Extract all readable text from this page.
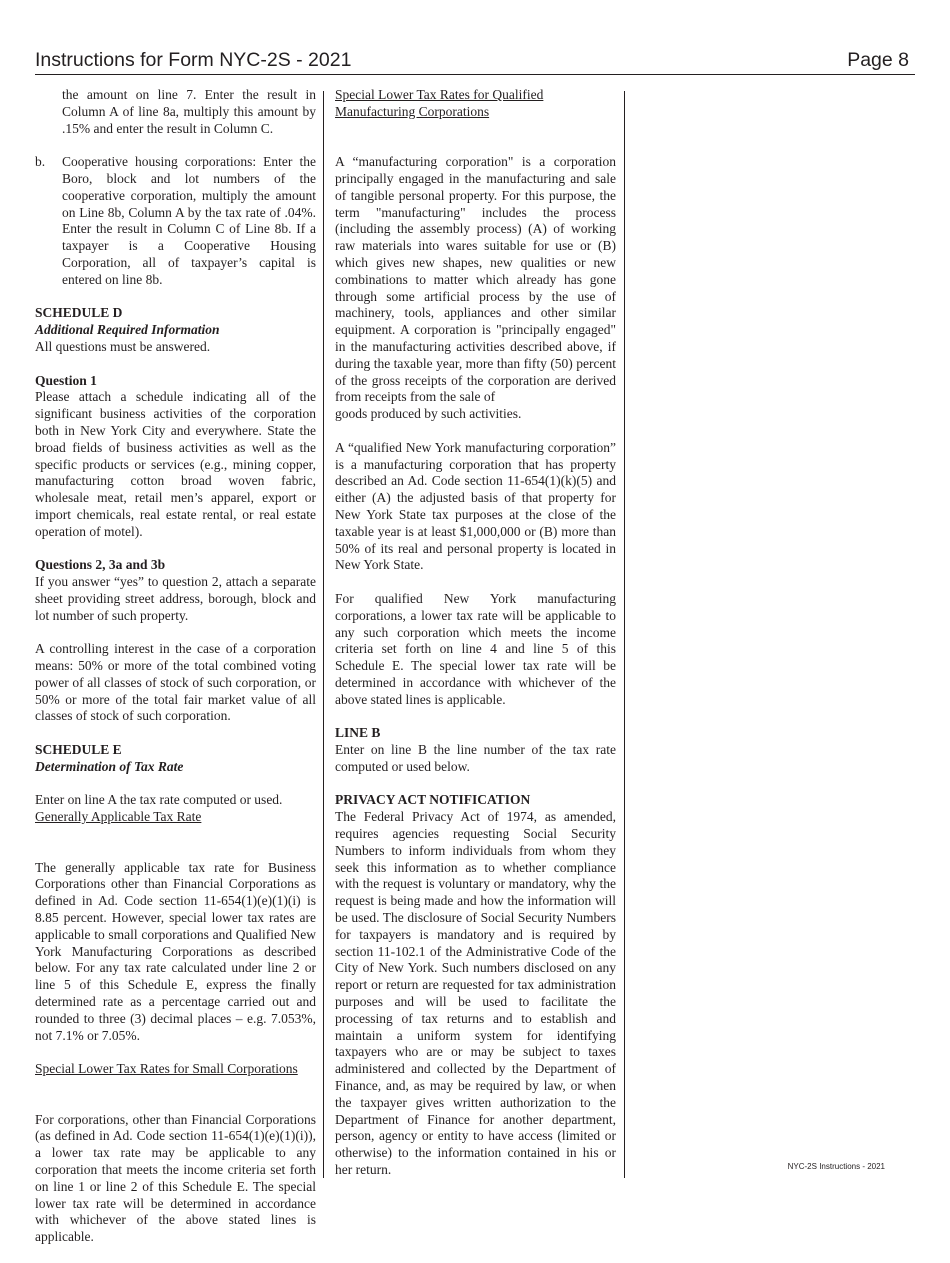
Instructions for Form NYC-2S - 2021	Page 8

the amount on line 7. Enter the result in Column A of line 8a, multiply this amount by .15% and enter the result in Column C.

b.	Cooperative housing corporations: Enter the Boro, block and lot numbers of the cooperative corporation, multiply the amount on Line 8b, Column A by the tax rate of .04%. Enter the result in Column C of Line 8b. If a taxpayer is a Cooperative Housing Corporation, all of taxpayer’s capital is entered on line 8b.
SCHEDULE D
Additional Required Information

All questions must be answered.

Question 1

Please attach a schedule indicating all of the significant business activities of the corporation both in New York City and everywhere. State the broad fields of business activities as well as the specific products or services (e.g., mining copper, manufacturing cotton broad woven fabric, wholesale meat, retail men’s apparel, export or import chemicals, real estate rental, or real estate operation of motel).

Questions 2, 3a and 3b

If you answer “yes” to question 2, attach a separate sheet providing street address, borough, block and lot number of such property.

A controlling interest in the case of a corporation means: 50% or more of the total combined voting power of all classes of stock of such corporation, or 50% or more of the total fair market value of all classes of stock of such corporation.

SCHEDULE E
Determination of Tax Rate

Enter on line A the tax rate computed or used.

Generally Applicable Tax Rate

The generally applicable tax rate for Business Corporations other than Financial Corporations as defined in Ad. Code section 11-654(1)(e)(1)(i) is 8.85 percent. However, special lower tax rates are applicable to small corporations and Qualified New York Manufacturing Corporations as described below. For any tax rate calculated under line 2 or line 5 of this Schedule E, express the finally determined rate as a percentage carried out and rounded to three (3) decimal places – e.g. 7.053%, not 7.1% or 7.05%.

Special Lower Tax Rates for Small Corporations

For corporations, other than Financial Corporations (as defined in Ad. Code section 11-654(1)(e)(1)(i)), a lower tax rate may be applicable to any corporation that meets the income criteria set forth on line 1 or line 2 of this Schedule E. The special lower tax rate will be determined in accordance with whichever of the above stated lines is applicable.

Special Lower Tax Rates for Qualified Manufacturing Corporations

A “manufacturing corporation" is a corporation principally engaged in the manufacturing and sale of tangible personal property. For this purpose, the term "manufacturing" includes the process (including the assembly process) (A) of working raw materials into wares suitable for use or (B) which gives new shapes, new qualities or new combinations to matter which already has gone through some artificial process by the use of machinery, tools, appliances and other similar equipment. A corporation is "principally engaged" in the manufacturing activities described above, if during the taxable year, more than fifty (50) percent of the gross receipts of the corporation are derived from receipts from the sale of

goods produced by such activities.

A “qualified New York manufacturing corporation” is a manufacturing corporation that has property described an Ad. Code section 11-654(1)(k)(5) and either (A) the adjusted basis of that property for New York State tax purposes at the close of the taxable year is at least $1,000,000 or (B) more than 50% of its real and personal property is located in New York State.

For qualified New York manufacturing corporations, a lower tax rate will be applicable to any such corporation which meets the income criteria set forth on line 4 and line 5 of this Schedule E. The special lower tax rate will be determined in accordance with whichever of the above stated lines is applicable.

LINE B

Enter on line B the line number of the tax rate computed or used below.

PRIVACY ACT NOTIFICATION

The Federal Privacy Act of 1974, as amended, requires agencies requesting Social Security Numbers to inform individuals from whom they seek this information as to whether compliance with the request is voluntary or mandatory, why the request is being made and how the information will be used. The disclosure of Social Security Numbers for taxpayers is mandatory and is required by section 11-102.1 of the Administrative Code of the City of New York. Such numbers disclosed on any report or return are requested for tax administration purposes and will be used to facilitate the processing of tax returns and to establish and maintain a uniform system for identifying taxpayers who are or may be subject to taxes administered and collected by the Department of Finance, and, as may be required by law, or when the taxpayer gives written authorization to the Department of Finance for another department, person, agency or entity to have access (limited or otherwise) to the information contained in his or her return.	NYC-2S Instructions - 2021
